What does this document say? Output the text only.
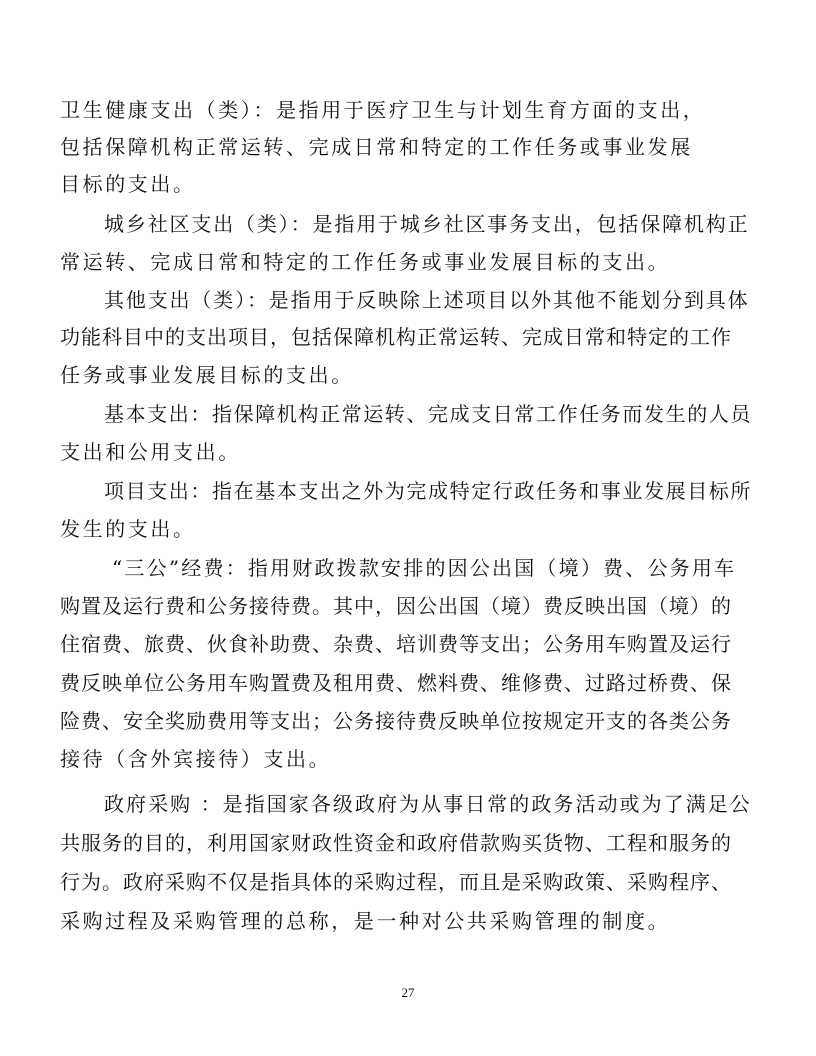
卫生健康支出（类）：是指用于医疗卫生与计划生育方面的支出，
包括保障机构正常运转、完成日常和特定的工作任务或事业发展
目标的支出。
城乡社区支出（类）：是指用于城乡社区事务支出，包括保障机构正
常运转、完成日常和特定的工作任务或事业发展目标的支出。
其他支出（类）：是指用于反映除上述项目以外其他不能划分到具体
功能科目中的支出项目，包括保障机构正常运转、完成日常和特定的工作
任务或事业发展目标的支出。
基本支出：指保障机构正常运转、完成支日常工作任务而发生的人员
支出和公用支出。
项目支出：指在基本支出之外为完成特定行政任务和事业发展目标所
发生的支出。
“三公”经费：指用财政拨款安排的因公出国（境）费、公务用车
购置及运行费和公务接待费。其中，因公出国（境）费反映出国（境）的
住宿费、旅费、伙食补助费、杂费、培训费等支出；公务用车购置及运行
费反映单位公务用车购置费及租用费、燃料费、维修费、过路过桥费、保
险费、安全奖励费用等支出；公务接待费反映单位按规定开支的各类公务
接待（含外宾接待）支出。
政府采购 ：是指国家各级政府为从事日常的政务活动或为了满足公
共服务的目的，利用国家财政性资金和政府借款购买货物、工程和服务的
行为。政府采购不仅是指具体的采购过程，而且是采购政策、采购程序、
采购过程及采购管理的总称，是一种对公共采购管理的制度。
27
